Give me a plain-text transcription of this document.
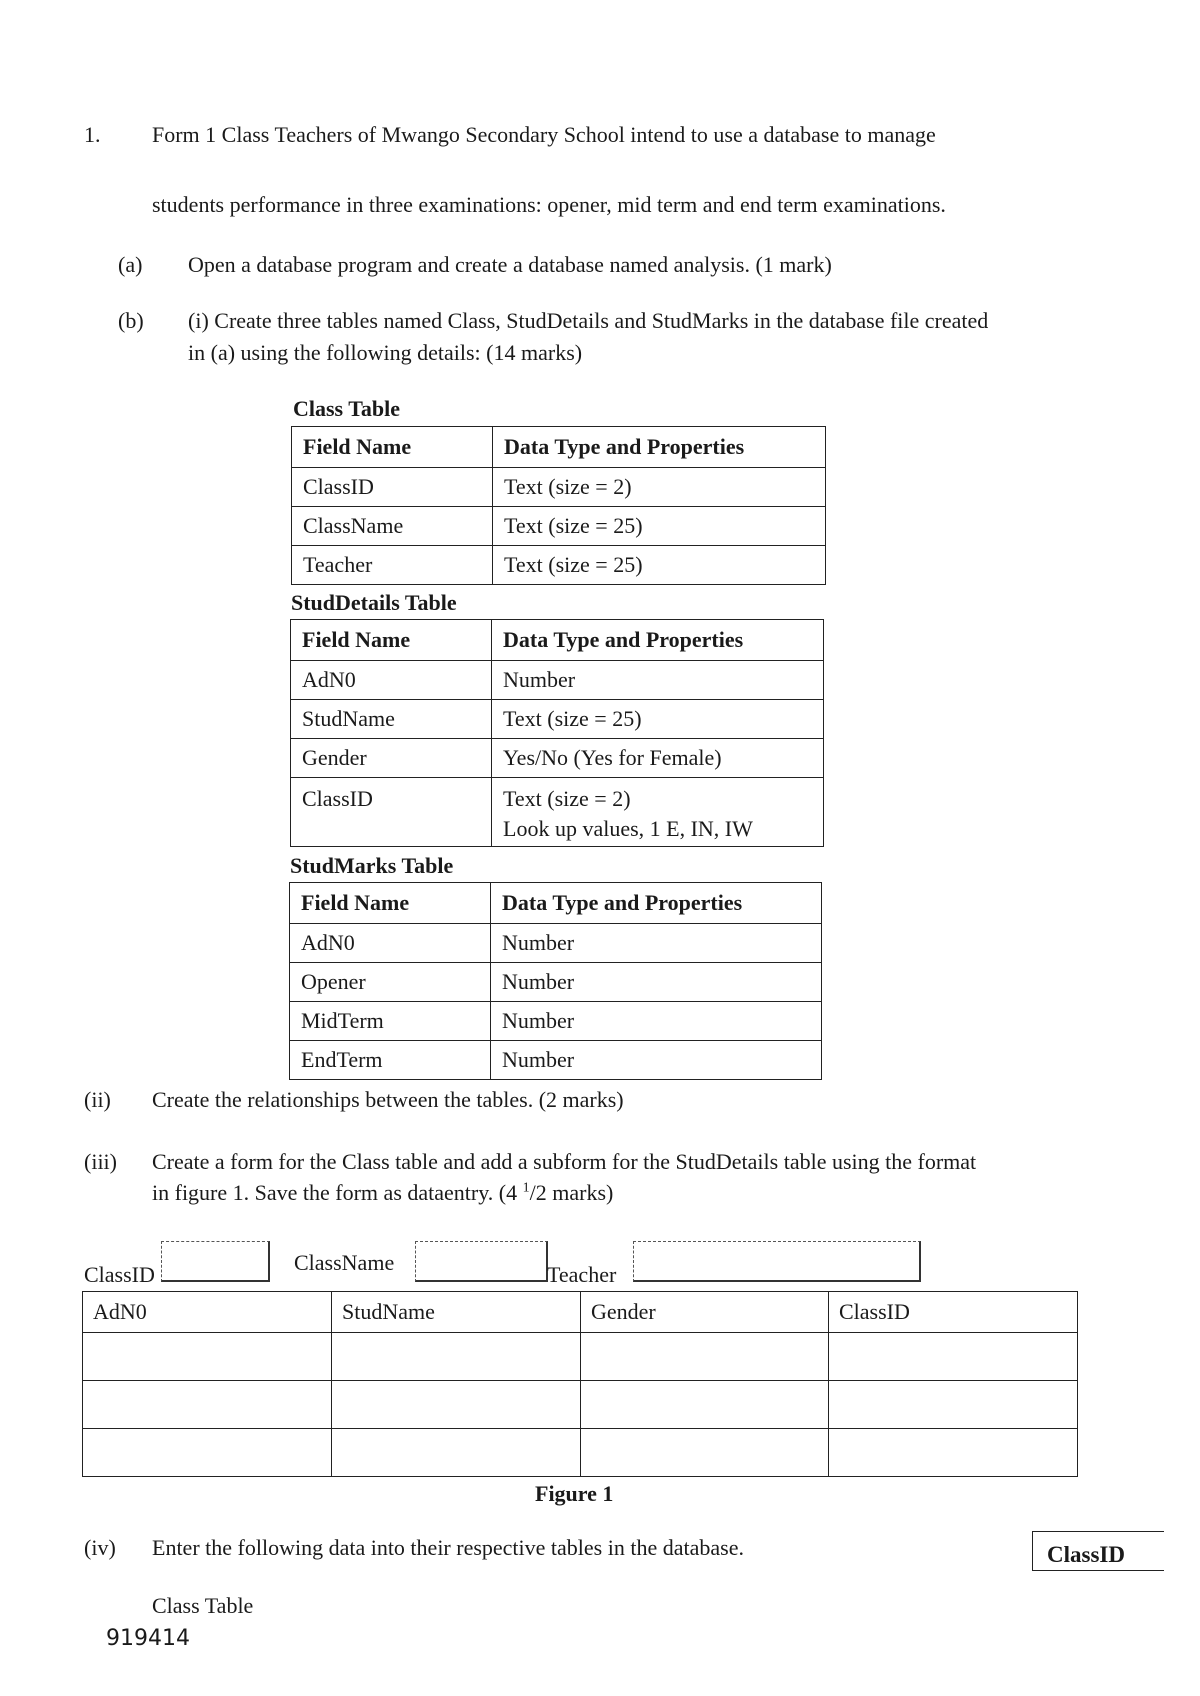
1. Form 1 Class Teachers of Mwango Secondary School intend to use a database to manage
students performance in three examinations: opener, mid term and end term examinations.
(a) Open a database program and create a database named analysis. (1 mark)
(b) (i) Create three tables named Class, StudDetails and StudMarks in the database file created
in (a) using the following details: (14 marks)
Class Table
Field Name	Data Type and Properties
ClassID	Text (size = 2)
ClassName	Text (size = 25)
Teacher	Text (size = 25)
StudDetails Table
Field Name	Data Type and Properties
AdN0	Number
StudName	Text (size = 25)
Gender	Yes/No (Yes for Female)
ClassID	Text (size = 2)
Look up values, 1 E, IN, IW
StudMarks Table
Field Name	Data Type and Properties
AdN0	Number
Opener	Number
MidTerm	Number
EndTerm	Number
(ii) Create the relationships between the tables. (2 marks)
(iii) Create a form for the Class table and add a subform for the StudDetails table using the format
in figure 1. Save the form as dataentry. (4 $^1$/2 marks)
ClassID	ClassName	Teacher
AdN0	StudName	Gender	ClassID

Figure 1
(iv) Enter the following data into their respective tables in the database.
Class Table
ClassID
919414
